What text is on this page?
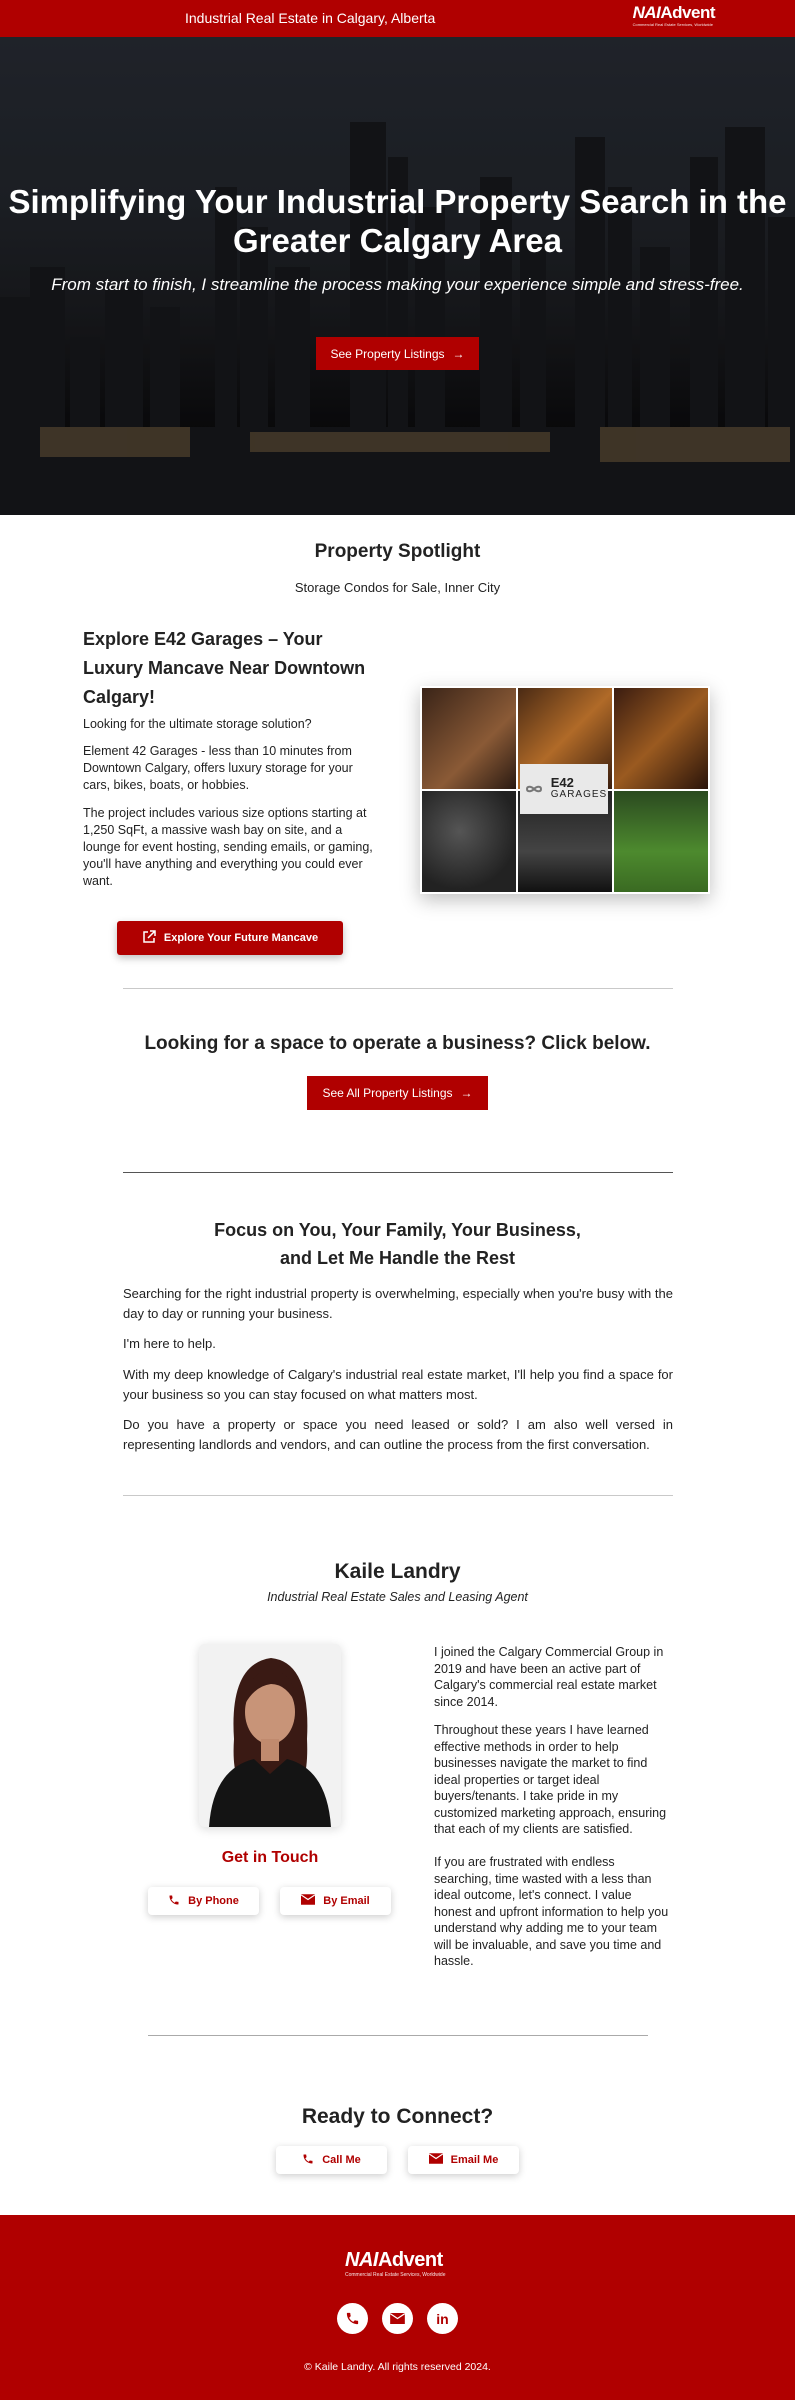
Industrial Real Estate in Calgary, Alberta	NAIAdvent
Commercial Real Estate Services, Worldwide
Simplifying Your Industrial Property Search in the Greater Calgary Area

From start to finish, I streamline the process making your experience simple and stress-free.

See Property Listings →
Property Spotlight

Storage Condos for Sale, Inner City

Explore E42 Garages – Your Luxury Mancave Near Downtown Calgary!

Looking for the ultimate storage solution?

Element 42 Garages - less than 10 minutes from Downtown Calgary, offers luxury storage for your cars, bikes, boats, or hobbies.

The project includes various size options starting at 1,250 SqFt, a massive wash bay on site, and a lounge for event hosting, sending emails, or gaming, you'll have anything and everything you could ever want.

E42
GARAGES
Explore Your Future Mancave
Looking for a space to operate a business? Click below.
See All Property Listings →
Focus on You, Your Family, Your Business,
and Let Me Handle the Rest

Searching for the right industrial property is overwhelming, especially when you're busy with the day to day or running your business.

I'm here to help.

With my deep knowledge of Calgary's industrial real estate market, I'll help you find a space for your business so you can stay focused on what matters most.

Do you have a property or space you need leased or sold? I am also well versed in representing landlords and vendors, and can outline the process from the first conversation.

Kaile Landry

Industrial Real Estate Sales and Leasing Agent

Get in Touch
By Phone	By Email

I joined the Calgary Commercial Group in 2019 and have been an active part of Calgary's commercial real estate market since 2014.

Throughout these years I have learned effective methods in order to help businesses navigate the market to find ideal properties or target ideal buyers/tenants. I take pride in my customized marketing approach, ensuring that each of my clients are satisfied.

If you are frustrated with endless searching, time wasted with a less than ideal outcome, let's connect. I value honest and upfront information to help you understand why adding me to your team will be invaluable, and save you time and hassle.

Ready to Connect?
Call Me	Email Me
NAIAdvent
Commercial Real Estate Services, Worldwide
in

© Kaile Landry. All rights reserved 2024.
